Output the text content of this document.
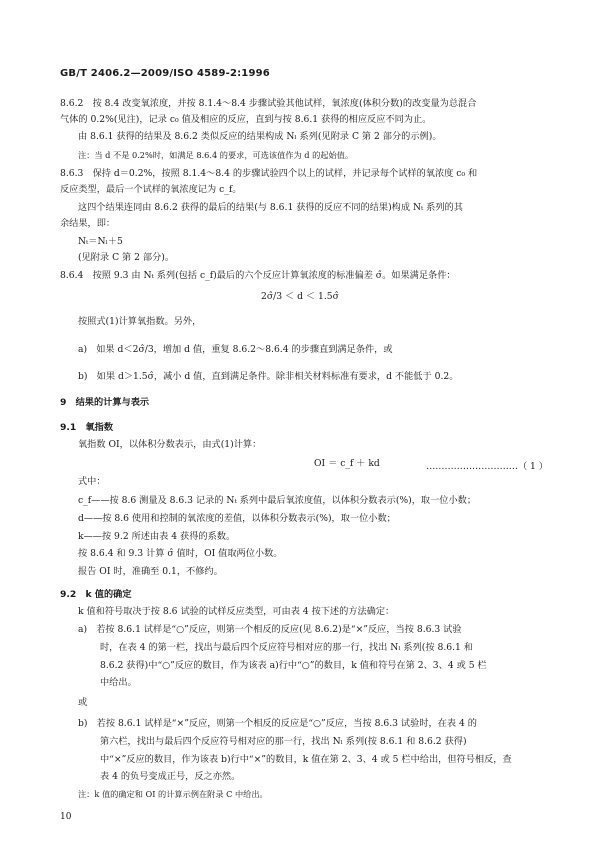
GB/T 2406.2—2009/ISO 4589-2:1996
8.6.2　按 8.4 改变氧浓度，并按 8.1.4～8.4 步骤试验其他试样，氧浓度(体积分数)的改变量为总混合
气体的 0.2%(见注)，记录 c₀ 值及相应的反应，直到与按 8.6.1 获得的相应反应不同为止。
由 8.6.1 获得的结果及 8.6.2 类似反应的结果构成 Nₗ 系列(见附录 C 第 2 部分的示例)。
注：当 d 不是 0.2%时，如满足 8.6.4 的要求，可选该值作为 d 的起始值。
8.6.3　保持 d＝0.2%，按照 8.1.4～8.4 的步骤试验四个以上的试样，并记录每个试样的氧浓度 c₀ 和
反应类型，最后一个试样的氧浓度记为 c_f。
这四个结果连同由 8.6.2 获得的最后的结果(与 8.6.1 获得的反应不同的结果)构成 Nₜ 系列的其
余结果，即：
Nₜ＝Nₗ＋5
(见附录 C 第 2 部分)。
8.6.4　按照 9.3 由 Nₜ 系列(包括 c_f)最后的六个反应计算氧浓度的标准偏差 σ̂。如果满足条件：
2σ̂/3 ＜ d ＜ 1.5σ̂
按照式(1)计算氧指数。另外，
a)　如果 d＜2σ̂/3，增加 d 值，重复 8.6.2～8.6.4 的步骤直到满足条件，或
b)　如果 d＞1.5σ̂，减小 d 值，直到满足条件。除非相关材料标准有要求，d 不能低于 0.2。
9　结果的计算与表示
9.1　氧指数
氧指数 OI，以体积分数表示，由式(1)计算：
OI ＝ c_f ＋ kd	…………………………（ 1 ）
式中：
c_f——按 8.6 测量及 8.6.3 记录的 Nₜ 系列中最后氧浓度值，以体积分数表示(%)，取一位小数；
d——按 8.6 使用和控制的氧浓度的差值，以体积分数表示(%)，取一位小数；
k——按 9.2 所述由表 4 获得的系数。
按 8.6.4 和 9.3 计算 σ̂ 值时，OI 值取两位小数。
报告 OI 时，准确至 0.1，不修约。
9.2　k 值的确定
k 值和符号取决于按 8.6 试验的试样反应类型，可由表 4 按下述的方法确定：
a)　若按 8.6.1 试样是“○”反应，则第一个相反的反应(见 8.6.2)是“×”反应，当按 8.6.3 试验
时，在表 4 的第一栏，找出与最后四个反应符号相对应的那一行，找出 Nₗ 系列(按 8.6.1 和
8.6.2 获得)中“○”反应的数目，作为该表 a)行中“○”的数目，k 值和符号在第 2、3、4 或 5 栏
中给出。
或
b)　若按 8.6.1 试样是“×”反应，则第一个相反的反应是“○”反应，当按 8.6.3 试验时，在表 4 的
第六栏，找出与最后四个反应符号相对应的那一行，找出 Nₗ 系列(按 8.6.1 和 8.6.2 获得)
中“×”反应的数目，作为该表 b)行中“×”的数目，k 值在第 2、3、4 或 5 栏中给出，但符号相反，查
表 4 的负号变成正号，反之亦然。
注：k 值的确定和 OI 的计算示例在附录 C 中给出。
10
